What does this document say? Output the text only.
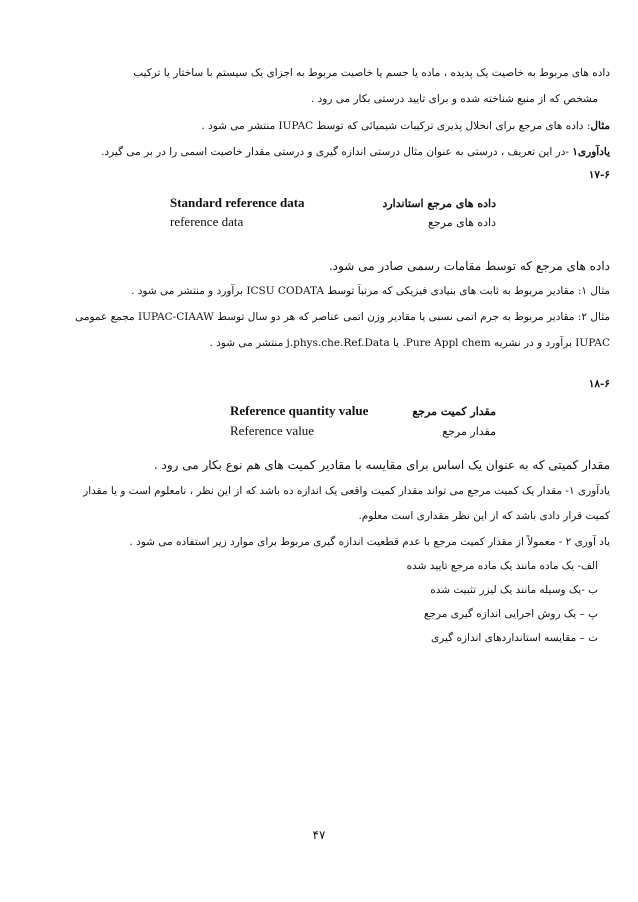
داده های مربوط به خاصیت یک پدیده ، ماده یا جسم یا خاصیت مربوط به اجزای یک سیستم با ساختار یا ترکیب
مشخص که از منبع شناخته شده و برای تایید درستی بکار می رود .
مثال: داده های مرجع برای انحلال پذیری ترکیبات شیمیائی که توسط IUPAC منتشر می شود .
یادآوری۱ -در این تعریف ، درستی به عنوان مثال درستی اندازه گیری و درستی مقدار خاصیت اسمی را در بر می گیرد.
۱۷-۶
داده های مرجع استاندارد
Standard reference data
داده های مرجع
reference data
داده های مرجع که توسط مقامات رسمی صادر می شود.
مثال ۱: مقادیر مربوط به ثابت های بنیادی فیزیکی که مرتباً توسط ICSU CODATA برآورد و منتشر می شود .
مثال ۲: مقادیر مربوط به جرم اتمی نسبی یا مقادیر وزن اتمی عناصر که هر دو سال توسط IUPAC-CIAAW مجمع عمومی
IUPAC برآورد و در نشریه Pure Appl chem. یا j.phys.che.Ref.Data منتشر می شود .
۱۸-۶
مقدار کمیت مرجع
Reference quantity value
مقدار مرجع
Reference value
مقدار کمیتی که به عنوان یک اساس برای مقایسه با مقادیر کمیت های هم نوع بکار می رود .
یادآوری ۱- مقدار یک کمیت مرجع می تواند مقدار کمیت واقعی یک اندازه ده باشد که از این نظر ، نامعلوم است و یا مقدار
کمیت قرار دادی باشد که از این نظر مقداری است معلوم.
یاد آوری ۲ - معمولاً از مقدار کمیت مرجع با عدم قطعیت اندازه گیری مربوط برای موارد زیر استفاده می شود .
الف- یک ماده مانند یک ماده مرجع تایید شده
ب -یک وسیله مانند یک لیزر تثبیت شده
پ – یک روش اجرایی اندازه گیری مرجع
ت – مقایسه استانداردهای اندازه گیری
۴۷
